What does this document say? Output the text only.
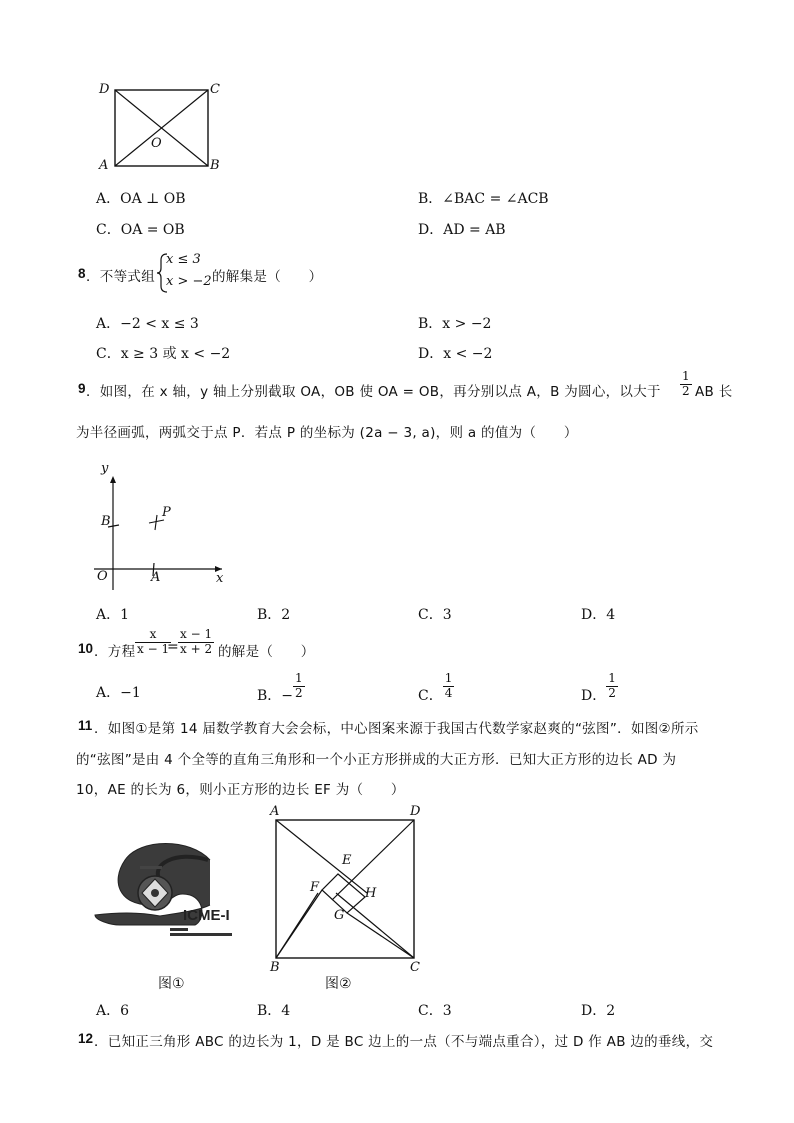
D	C
A	B
O
A．OA ⊥ OB	B．∠BAC = ∠ACB
C．OA = OB	D．AD = AB
8 ．不等式组
x ≤ 3
x > −2 的解集是（　　）
A．−2 < x ≤ 3	B．x > −2
C．x ≥ 3 或 x < −2	D．x < −2
9 ．如图，在 x 轴，y 轴上分别截取 OA，OB 使 OA = OB，再分别以点 A，B 为圆心，以大于 $\frac{1}{2}$ AB 长
为半径画弧，两弧交于点 P．若点 P 的坐标为 (2a − 3, a)，则 a 的值为（　　）
y
x
O	A
B
P
A．1	B．2	C．3	D．4
10 ．方程 $\frac{x}{x - 1}$
= $\frac{x - 1}{x + 2}$ 的解是（　　）
A．−1	B．− $\frac{1}{2}$	C． $\frac{1}{4}$	D． $\frac{1}{2}$
11 ．如图①是第 14 届数学教育大会会标，中心图案来源于我国古代数学家赵爽的“弦图”．如图②所示
的“弦图”是由 4 个全等的直角三角形和一个小正方形拼成的大正方形．已知大正方形的边长 AD 为
10，AE 的长为 6，则小正方形的边长 EF 为（　　）
ICME-I
图①
A	D
B	C
E
F
G
H
图②
A．6	B．4	C．3	D．2
12 ．已知正三角形 ABC 的边长为 1，D 是 BC 边上的一点（不与端点重合），过 D 作 AB 边的垂线，交
